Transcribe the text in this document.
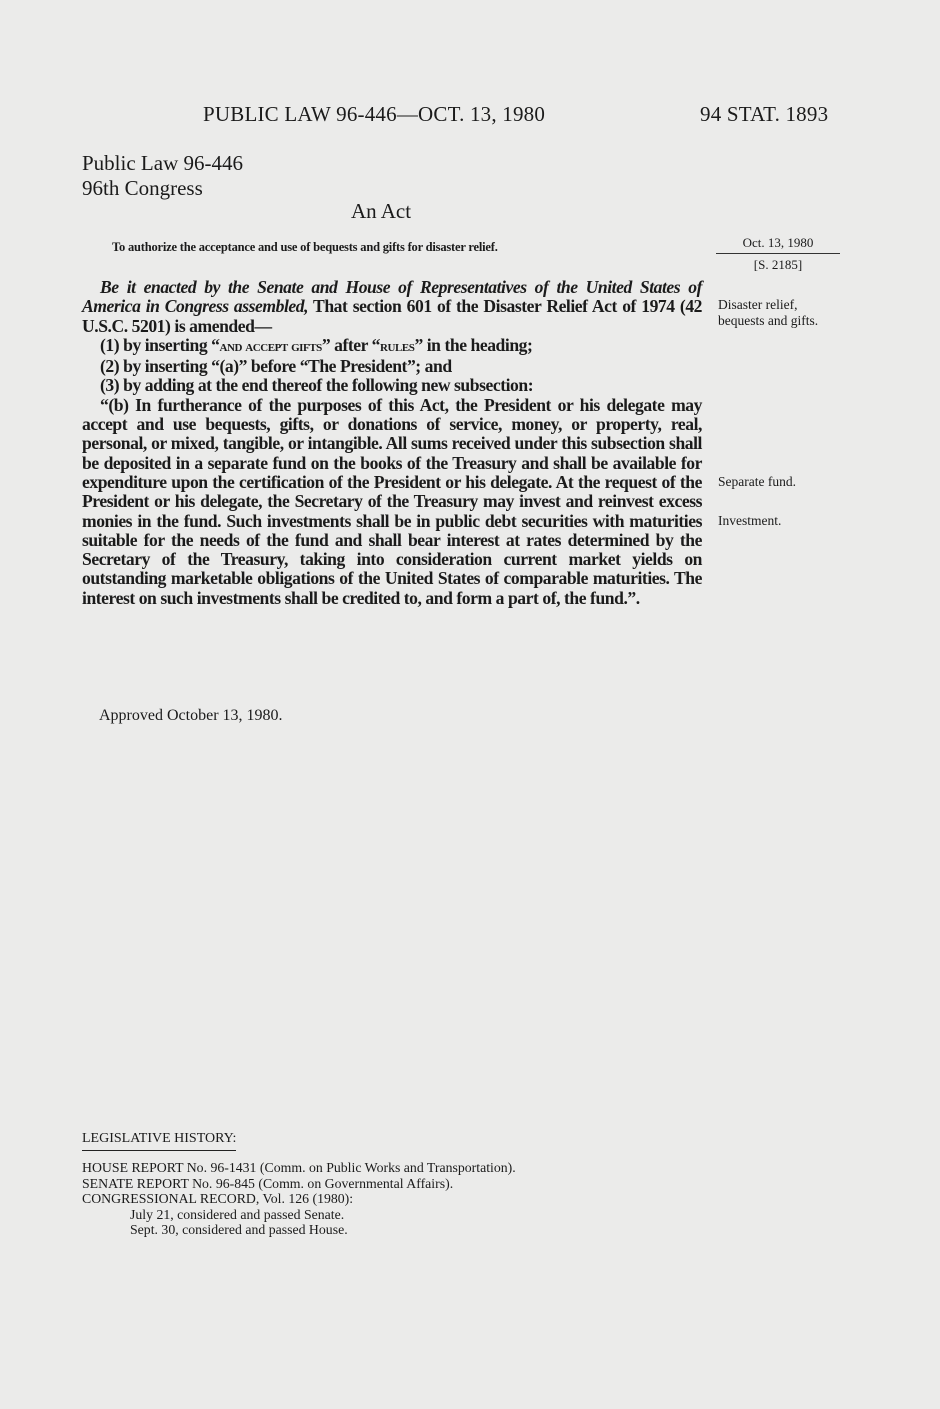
PUBLIC LAW 96-446—OCT. 13, 1980	94 STAT. 1893
Public Law 96-446
96th Congress
An Act
To authorize the acceptance and use of bequests and gifts for disaster relief.	Oct. 13, 1980
[S. 2185]
Disaster relief, bequests and gifts.
Separate fund.
Investment.

Be it enacted by the Senate and House of Representatives of the United States of America in Congress assembled, That section 601 of the Disaster Relief Act of 1974 (42 U.S.C. 5201) is amended—

(1) by inserting “and accept gifts” after “rules” in the heading;

(2) by inserting “(a)” before “The President”; and

(3) by adding at the end thereof the following new subsection:

“(b) In furtherance of the purposes of this Act, the President or his delegate may accept and use bequests, gifts, or donations of service, money, or property, real, personal, or mixed, tangible, or intangible. All sums received under this subsection shall be deposited in a separate fund on the books of the Treasury and shall be available for expenditure upon the certification of the President or his delegate. At the request of the President or his delegate, the Secretary of the Treasury may invest and reinvest excess monies in the fund. Such investments shall be in public debt securities with maturities suitable for the needs of the fund and shall bear interest at rates determined by the Secretary of the Treasury, taking into consideration current market yields on outstanding marketable obligations of the United States of comparable maturities. The interest on such investments shall be credited to, and form a part of, the fund.”.

Approved October 13, 1980.
LEGISLATIVE HISTORY:
HOUSE REPORT No. 96-1431 (Comm. on Public Works and Transportation).
SENATE REPORT No. 96-845 (Comm. on Governmental Affairs).
CONGRESSIONAL RECORD, Vol. 126 (1980):
July 21, considered and passed Senate.
Sept. 30, considered and passed House.
